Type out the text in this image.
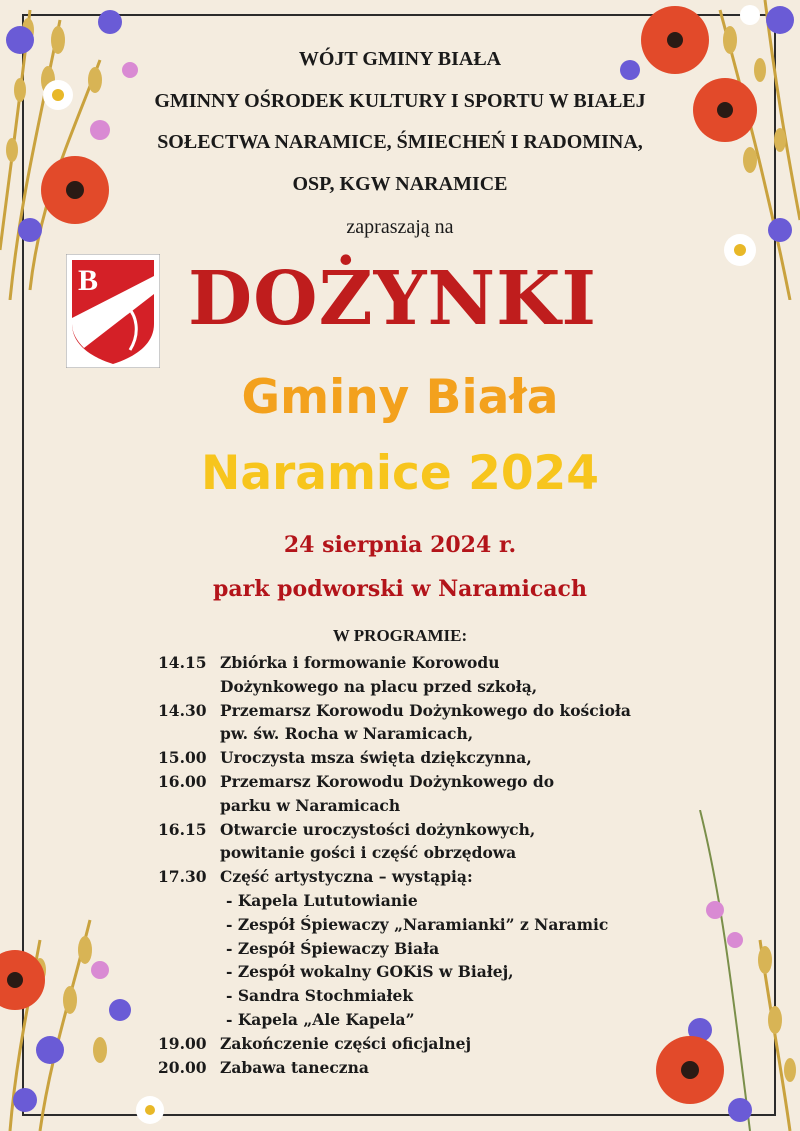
WÓJT GMINY BIAŁA
GMINNY OŚRODEK KULTURY I SPORTU W BIAŁEJ
SOŁECTWA NARAMICE, ŚMIECHEŃ I RADOMINA,
OSP, KGW NARAMICE
zapraszają na
B DOŻYNKI
Gminy Biała
Naramice 2024
24 sierpnia 2024 r.
park podworski w Naramicach
W PROGRAMIE:
14.15 Zbiórka i formowanie Korowodu
Dożynkowego na placu przed szkołą,
14.30 Przemarsz Korowodu Dożynkowego do kościoła
pw. św. Rocha w Naramicach,
15.00 Uroczysta msza święta dziękczynna,
16.00 Przemarsz Korowodu Dożynkowego do
parku w Naramicach
16.15 Otwarcie uroczystości dożynkowych,
powitanie gości i część obrzędowa
17.30 Część artystyczna – wystąpią:
- Kapela Lututowianie
- Zespół Śpiewaczy „Naramianki” z Naramic
- Zespół Śpiewaczy Biała
- Zespół wokalny GOKiS w Białej,
- Sandra Stochmiałek
- Kapela „Ale Kapela”
19.00 Zakończenie części oficjalnej
20.00 Zabawa taneczna
